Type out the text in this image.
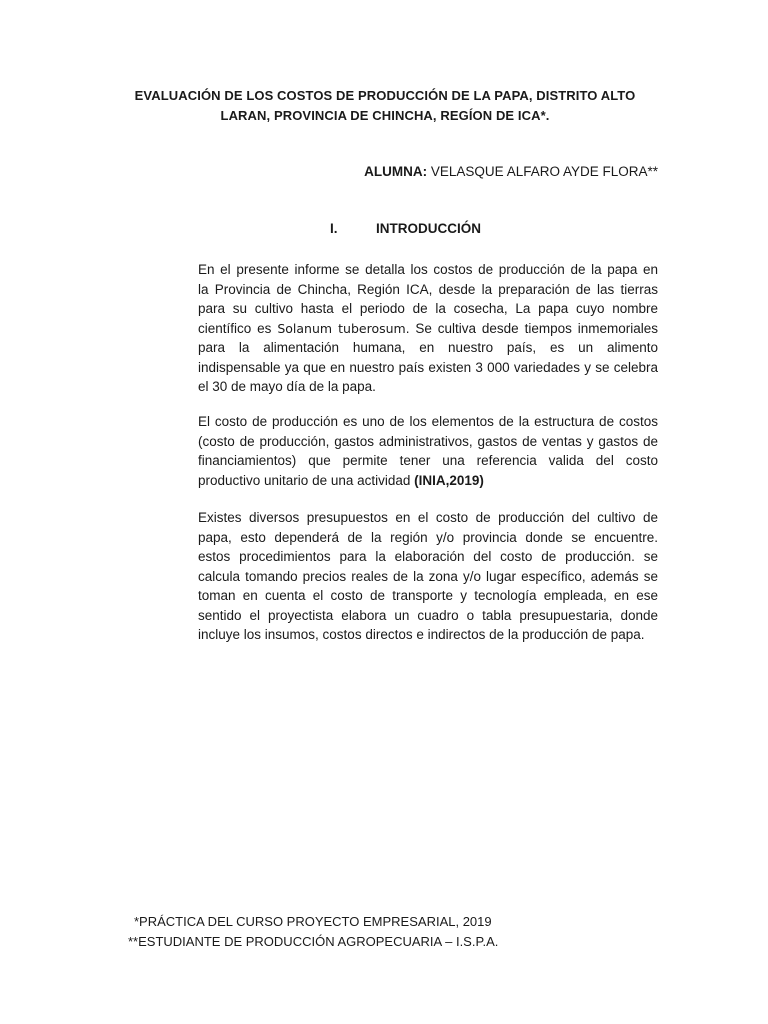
EVALUACIÓN DE LOS COSTOS DE PRODUCCIÓN DE LA PAPA, DISTRITO ALTO
LARAN, PROVINCIA DE CHINCHA, REGÍON DE ICA*.
ALUMNA: VELASQUE ALFARO AYDE FLORA**
I.	INTRODUCCIÓN
En el presente informe se detalla los costos de producción de la papa en
la Provincia de Chincha, Región ICA, desde la preparación de las tierras
para su cultivo hasta el periodo de la cosecha, La papa cuyo nombre
científico es Solanum tuberosum. Se cultiva desde tiempos inmemoriales
para la alimentación humana, en nuestro país, es un alimento
indispensable ya que en nuestro país existen 3 000 variedades y se celebra
el 30 de mayo día de la papa.
El costo de producción es uno de los elementos de la estructura de costos
(costo de producción, gastos administrativos, gastos de ventas y gastos de
financiamientos) que permite tener una referencia valida del costo
productivo unitario de una actividad (INIA,2019)
Existes diversos presupuestos en el costo de producción del cultivo de
papa, esto dependerá de la región y/o provincia donde se encuentre.
estos procedimientos para la elaboración del costo de producción. se
calcula tomando precios reales de la zona y/o lugar específico, además se
toman en cuenta el costo de transporte y tecnología empleada, en ese
sentido el proyectista elabora un cuadro o tabla presupuestaria, donde
incluye los insumos, costos directos e indirectos de la producción de papa.
*PRÁCTICA DEL CURSO PROYECTO EMPRESARIAL, 2019
**ESTUDIANTE DE PRODUCCIÓN AGROPECUARIA – I.S.P.A.
